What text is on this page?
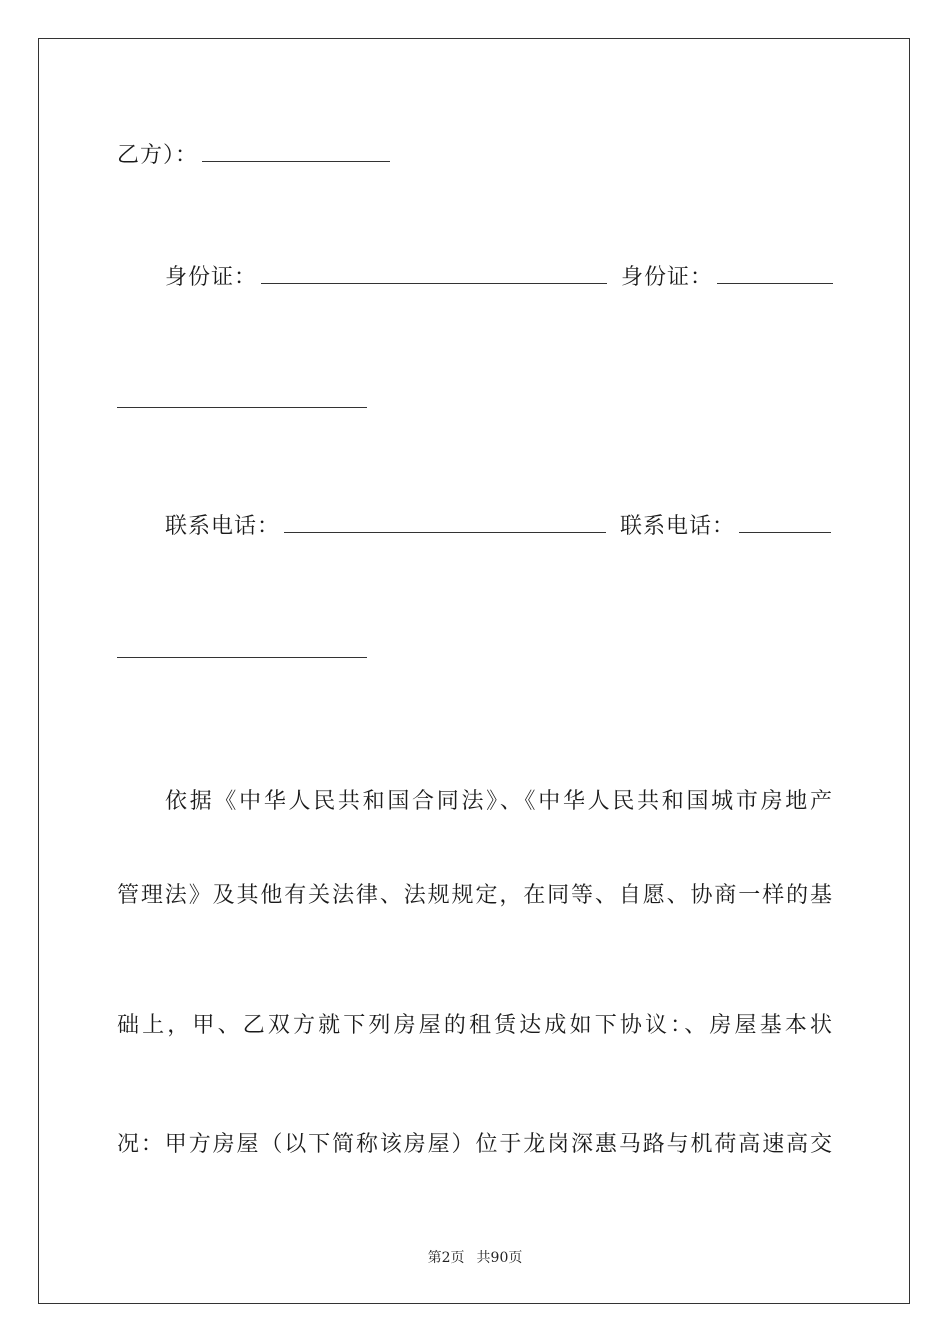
乙方）：
身份证：	身份证：
联系电话：	联系电话：
依据《中华人民共和国合同法》、《中华人民共和国城市房地产
管理法》及其他有关法律、法规规定，在同等、自愿、协商一样的基
础上，甲、乙双方就下列房屋的租赁达成如下协议：、房屋基本状
况：甲方房屋（以下简称该房屋）位于龙岗深惠马路与机荷高速高交
第2页 共90页
